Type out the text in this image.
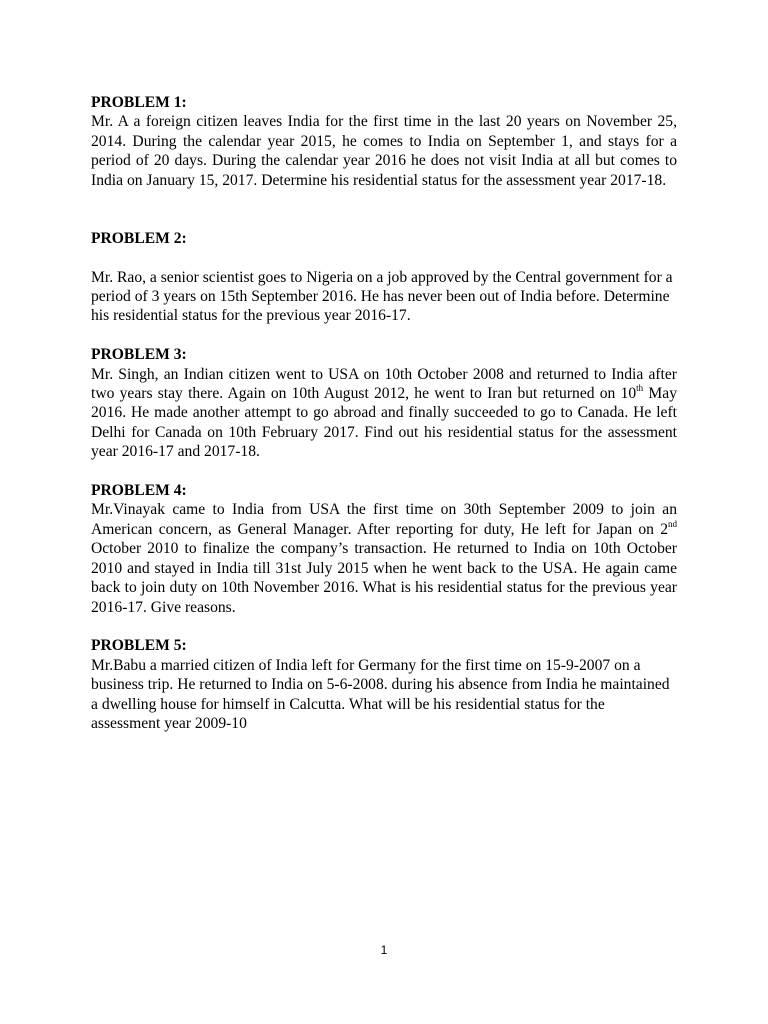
PROBLEM 1:

Mr. A a foreign citizen leaves India for the first time in the last 20 years on November 25, 2014. During the calendar year 2015, he comes to India on September 1, and stays for a period of 20 days. During the calendar year 2016 he does not visit India at all but comes to India on January 15, 2017. Determine his residential status for the assessment year 2017-18.

PROBLEM 2:

Mr. Rao, a senior scientist goes to Nigeria on a job approved by the Central government for a period of 3 years on 15th September 2016. He has never been out of India before. Determine his residential status for the previous year 2016-17.

PROBLEM 3:

Mr. Singh, an Indian citizen went to USA on 10th October 2008 and returned to India after two years stay there. Again on 10th August 2012, he went to Iran but returned on 10th May 2016. He made another attempt to go abroad and finally succeeded to go to Canada. He left Delhi for Canada on 10th February 2017. Find out his residential status for the assessment year 2016-17 and 2017-18.

PROBLEM 4:

Mr.Vinayak came to India from USA the first time on 30th September 2009 to join an American concern, as General Manager. After reporting for duty, He left for Japan on 2nd October 2010 to finalize the company’s transaction. He returned to India on 10th October 2010 and stayed in India till 31st July 2015 when he went back to the USA. He again came back to join duty on 10th November 2016. What is his residential status for the previous year 2016-17. Give reasons.

PROBLEM 5:

Mr.Babu a married citizen of India left for Germany for the first time on 15-9-2007 on a business trip. He returned to India on 5-6-2008. during his absence from India he maintained a dwelling house for himself in Calcutta. What will be his residential status for the assessment year 2009-10

1
